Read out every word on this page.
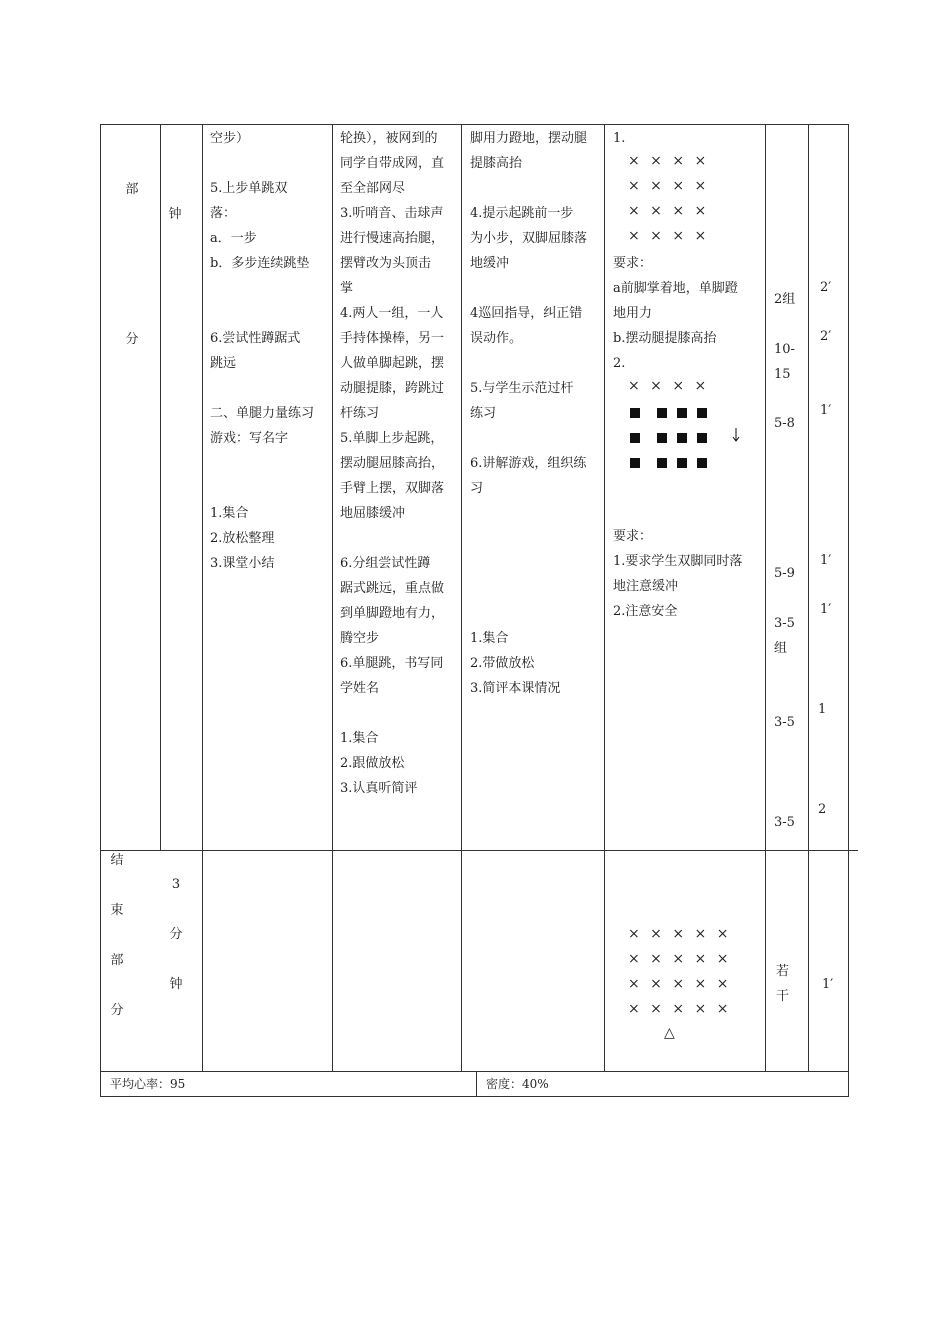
部
分
钟
空步）

5.上步单跳双
落：
a．一步
b．多步连续跳垫

6.尝试性蹲踞式
跳远

二、单腿力量练习
游戏：写名字

1.集合
2.放松整理
3.课堂小结
轮换），被网到的
同学自带成网，直
至全部网尽
3.听哨音、击球声
进行慢速高抬腿，
摆臂改为头顶击
掌
4.两人一组，一人
手持体操棒，另一
人做单脚起跳，摆
动腿提膝，跨跳过
杆练习
5.单脚上步起跳，
摆动腿屈膝高抬，
手臂上摆，双脚落
地屈膝缓冲

6.分组尝试性蹲
踞式跳远，重点做
到单脚蹬地有力，
腾空步
6.单腿跳，书写同
学姓名

1.集合
2.跟做放松
3.认真听简评
脚用力蹬地，摆动腿
提膝高抬

4.提示起跳前一步
为小步，双脚屈膝落
地缓冲

4巡回指导，纠正错
误动作。

5.与学生示范过杆
练习

6.讲解游戏，组织练
习

1.集合
2.带做放松
3.简评本课情况
1.
× × × ×
× × × ×
× × × ×
× × × ×
要求：
a前脚掌着地，单脚蹬
地用力
b.摆动腿提膝高抬
2.
× × × ×
要求：
1.要求学生双脚同时落
地注意缓冲
2.注意安全
2组
10-
15
5-8
5-9
3-5
组
3-5
3-5
2′
2′
1′
1′
1′
1
2
结
束
部
分
3
分
钟
× × × × ×
× × × × ×
× × × × ×
× × × × ×
△
若
干
1′
平均心率：95	密度：40%
